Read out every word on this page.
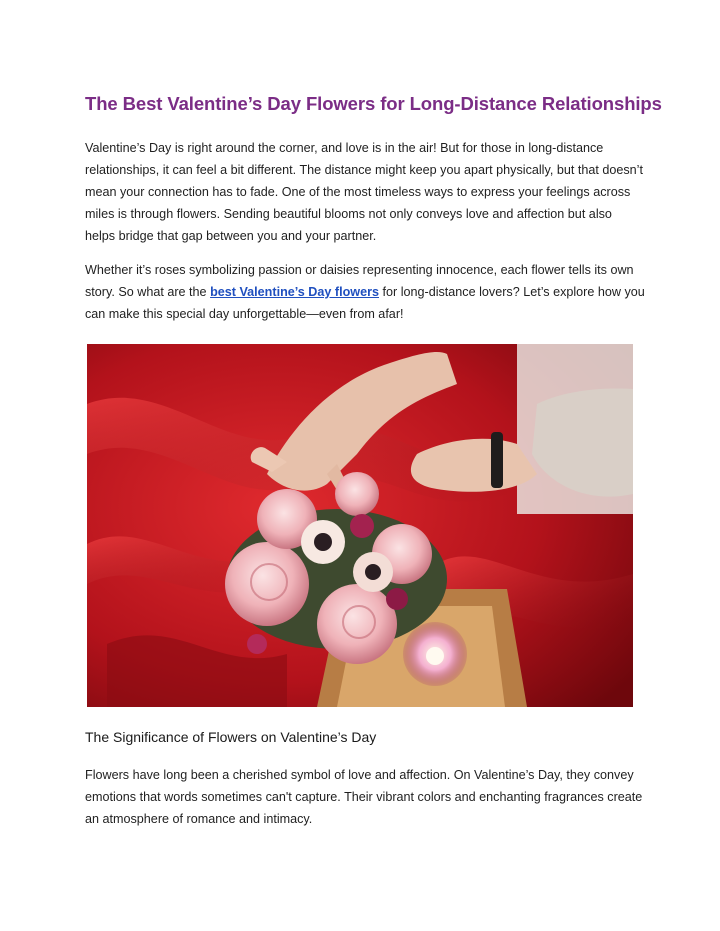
The Best Valentine’s Day Flowers for Long-Distance Relationships

Valentine’s Day is right around the corner, and love is in the air! But for those in long-distance relationships, it can feel a bit different. The distance might keep you apart physically, but that doesn’t mean your connection has to fade. One of the most timeless ways to express your feelings across miles is through flowers. Sending beautiful blooms not only conveys love and affection but also helps bridge that gap between you and your partner.

Whether it’s roses symbolizing passion or daisies representing innocence, each flower tells its own story. So what are the best Valentine’s Day flowers for long-distance lovers? Let’s explore how you can make this special day unforgettable—even from afar!

The Significance of Flowers on Valentine’s Day

Flowers have long been a cherished symbol of love and affection. On Valentine’s Day, they convey emotions that words sometimes can't capture. Their vibrant colors and enchanting fragrances create an atmosphere of romance and intimacy.
